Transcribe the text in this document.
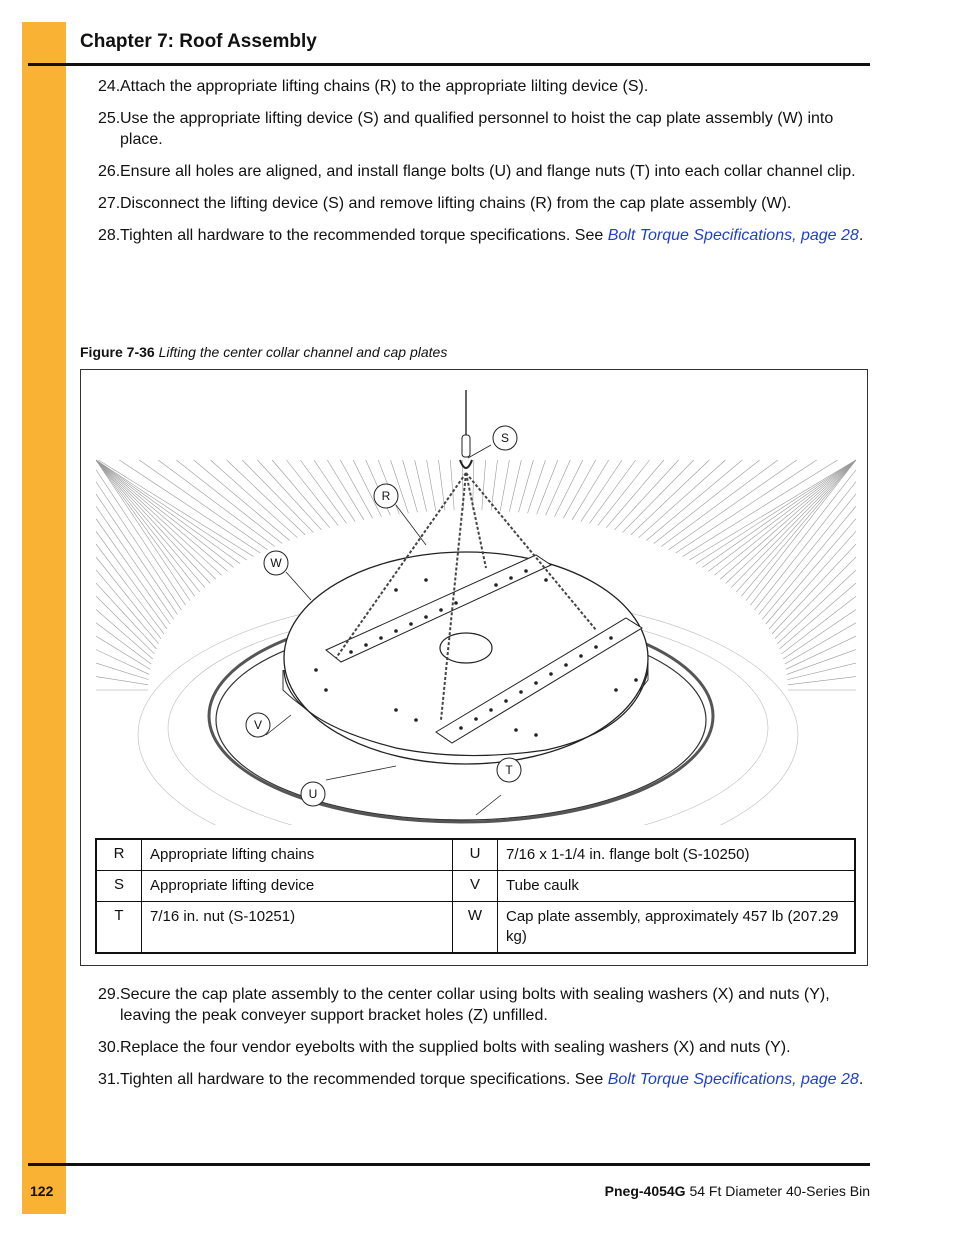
Chapter 7: Roof Assembly
24. Attach the appropriate lifting chains (R) to the appropriate lilting device (S).
25. Use the appropriate lifting device (S) and qualified personnel to hoist the cap plate assembly (W) into place.
26. Ensure all holes are aligned, and install flange bolts (U) and flange nuts (T) into each collar channel clip.
27. Disconnect the lifting device (S) and remove lifting chains (R) from the cap plate assembly (W).
28. Tighten all hardware to the recommended torque specifications. See Bolt Torque Specifications, page 28.
Figure 7-36 Lifting the center collar channel and cap plates
S
R
W
V
T
U
R	Appropriate lifting chains	U	7/16 x 1-1/4 in. flange bolt (S-10250)
S	Appropriate lifting device	V	Tube caulk
T	7/16 in. nut (S-10251)	W	Cap plate assembly, approximately 457 lb (207.29 kg)
29. Secure the cap plate assembly to the center collar using bolts with sealing washers (X) and nuts (Y), leaving the peak conveyer support bracket holes (Z) unfilled.
30. Replace the four vendor eyebolts with the supplied bolts with sealing washers (X) and nuts (Y).
31. Tighten all hardware to the recommended torque specifications. See Bolt Torque Specifications, page 28.
122	Pneg-4054G 54 Ft Diameter 40-Series Bin
